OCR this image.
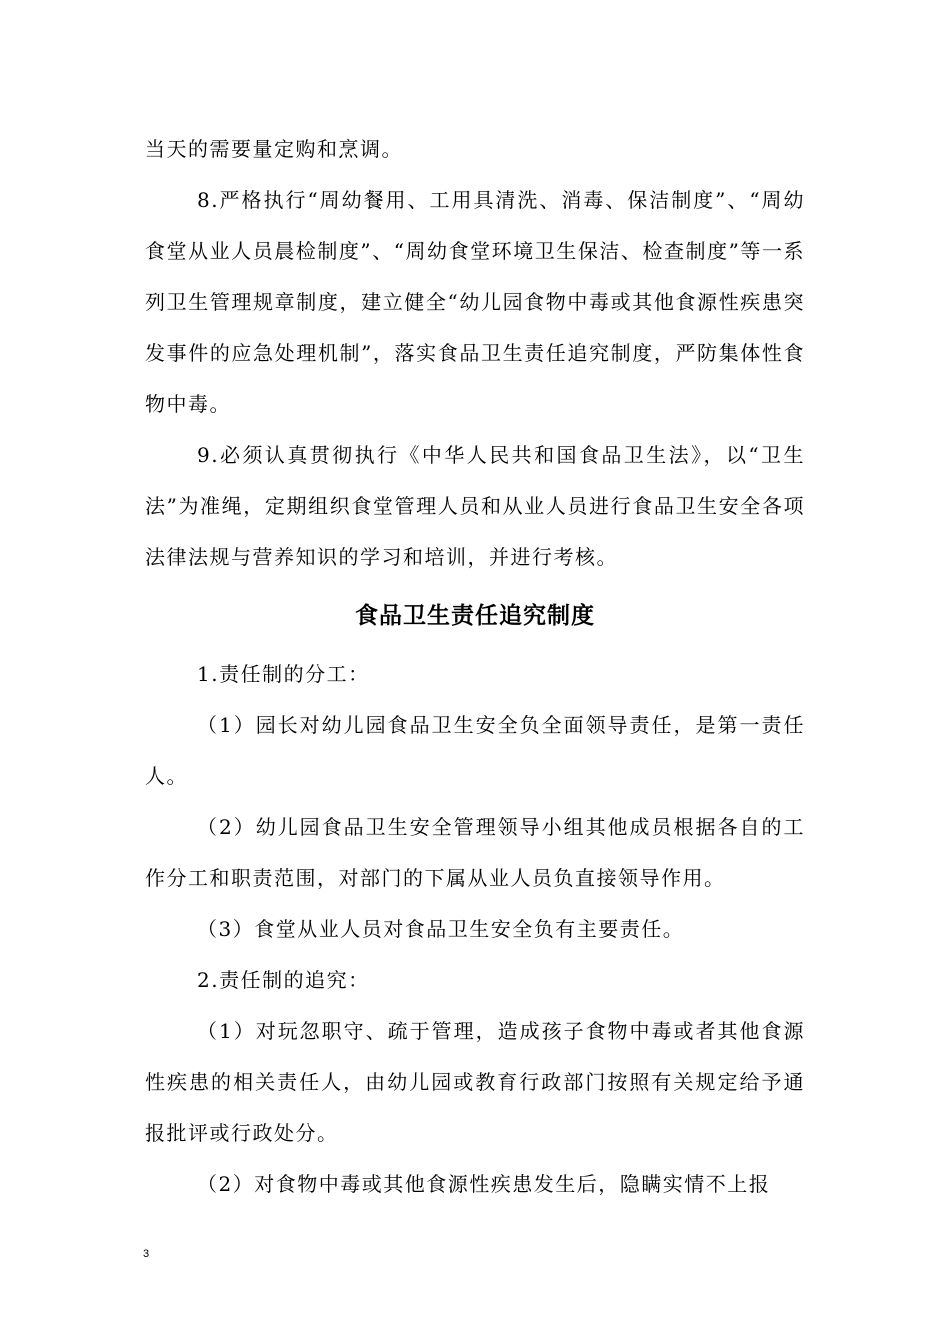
当天的需要量定购和烹调。

8.严格执行“周幼餐用、工用具清洗、消毒、保洁制度”、“周幼食堂从业人员晨检制度”、“周幼食堂环境卫生保洁、检查制度”等一系列卫生管理规章制度，建立健全“幼儿园食物中毒或其他食源性疾患突发事件的应急处理机制”，落实食品卫生责任追究制度，严防集体性食物中毒。

9.必须认真贯彻执行《中华人民共和国食品卫生法》，以“卫生法”为准绳，定期组织食堂管理人员和从业人员进行食品卫生安全各项法律法规与营养知识的学习和培训，并进行考核。

食品卫生责任追究制度

1.责任制的分工：

（1）园长对幼儿园食品卫生安全负全面领导责任，是第一责任人。

（2）幼儿园食品卫生安全管理领导小组其他成员根据各自的工作分工和职责范围，对部门的下属从业人员负直接领导作用。

（3）食堂从业人员对食品卫生安全负有主要责任。

2.责任制的追究：

（1）对玩忽职守、疏于管理，造成孩子食物中毒或者其他食源性疾患的相关责任人，由幼儿园或教育行政部门按照有关规定给予通报批评或行政处分。

（2）对食物中毒或其他食源性疾患发生后，隐瞒实情不上报

3
